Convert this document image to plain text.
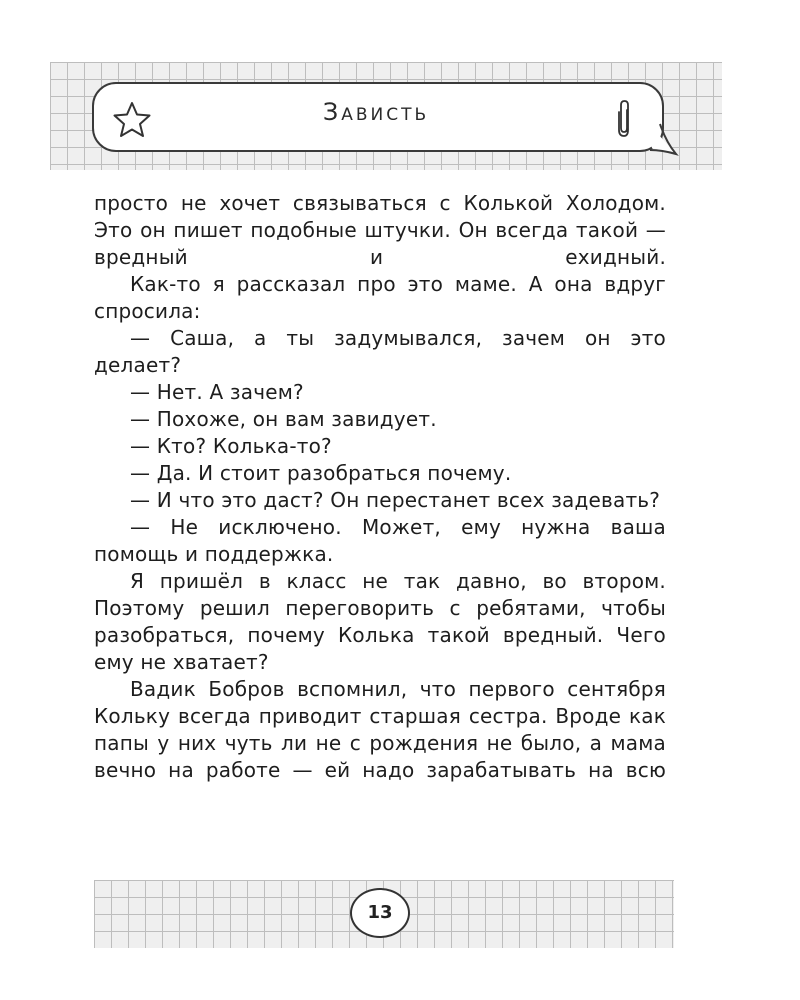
Зависть

просто не хочет связываться с Колькой Холодом. Это он пишет подобные штучки. Он всегда такой — вредный и ехидный.

Как-то я рассказал про это маме. А она вдруг спросила:

— Саша, а ты задумывался, зачем он это делает?

— Нет. А зачем?

— Похоже, он вам завидует.

— Кто? Колька-то?

— Да. И стоит разобраться почему.

— И что это даст? Он перестанет всех задевать?

— Не исключено. Может, ему нужна ваша помощь и поддержка.

Я пришёл в класс не так давно, во втором. Поэтому решил переговорить с ребятами, чтобы разобраться, почему Колька такой вредный. Чего ему не хватает?

Вадик Бобров вспомнил, что первого сентября Кольку всегда приводит старшая сестра. Вроде как папы у них чуть ли не с рождения не было, а мама вечно на работе — ей надо зарабатывать на всю

13
